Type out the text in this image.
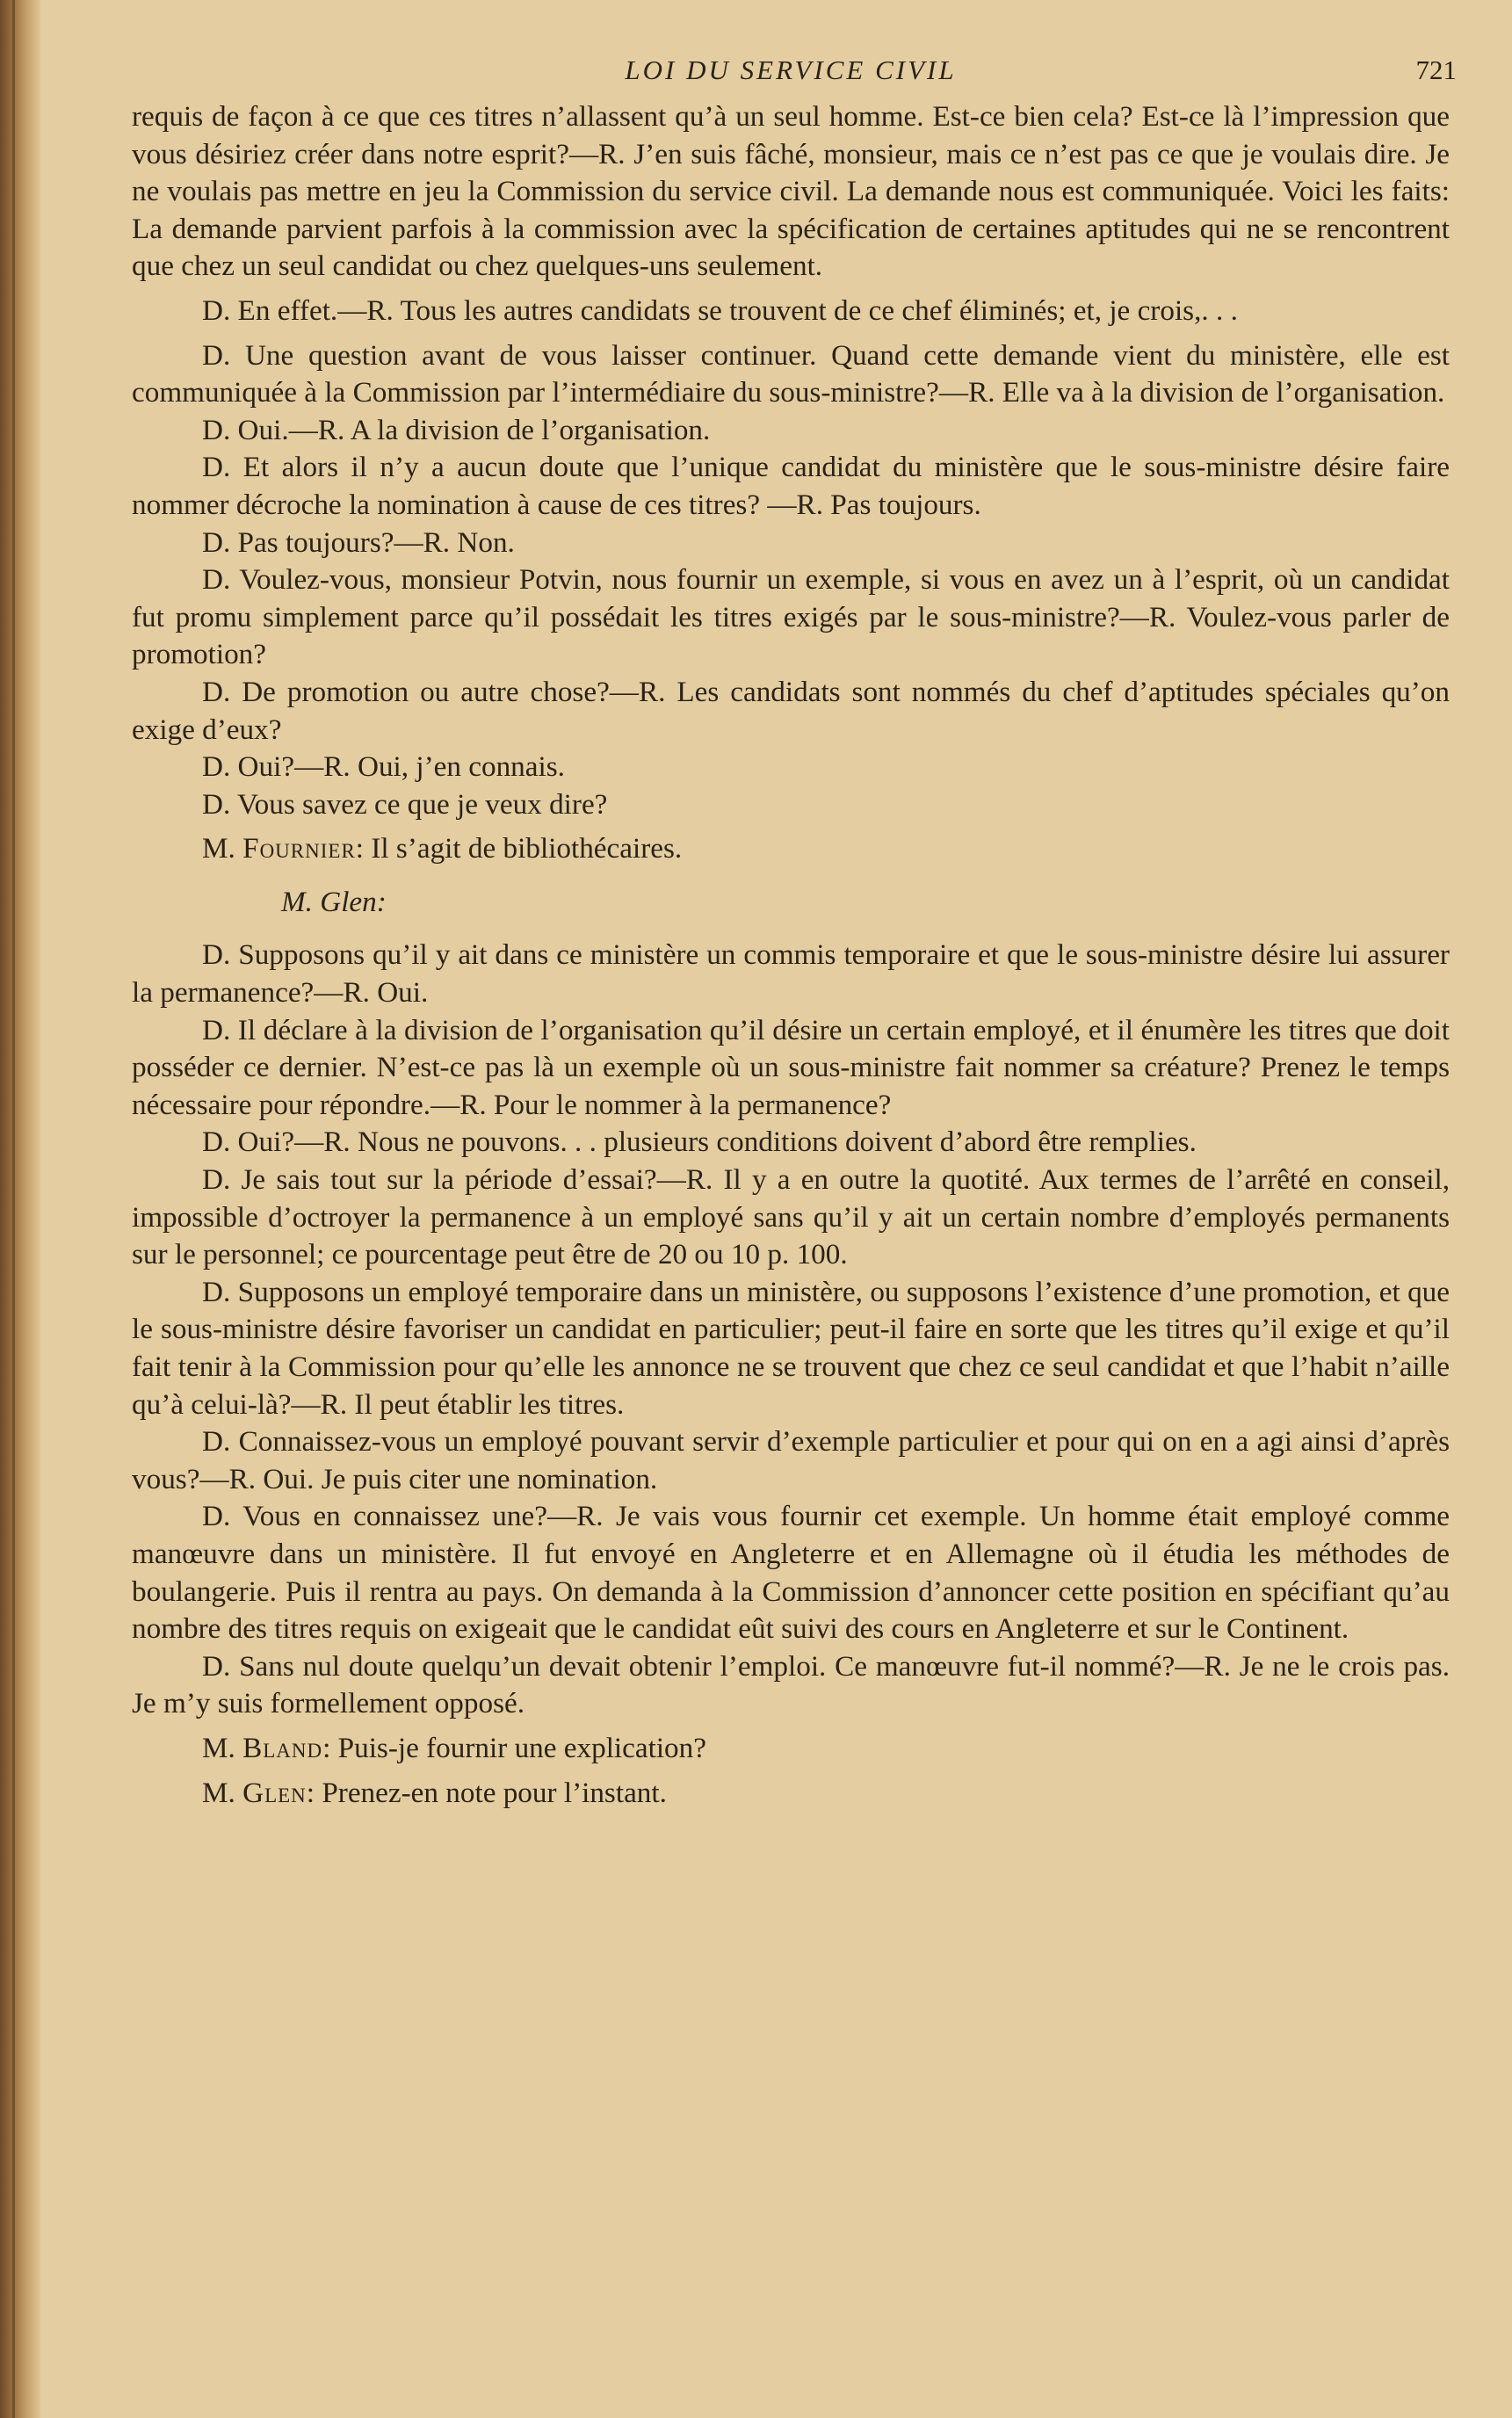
LOI DU SERVICE CIVIL	721

requis de façon à ce que ces titres n’allassent qu’à un seul homme. Est-ce bien cela? Est-ce là l’impression que vous désiriez créer dans notre esprit?—R. J’en suis fâché, monsieur, mais ce n’est pas ce que je voulais dire. Je ne voulais pas mettre en jeu la Commission du service civil. La demande nous est communiquée. Voici les faits: La demande parvient parfois à la commission avec la spécification de certaines aptitudes qui ne se rencontrent que chez un seul candidat ou chez quelques-uns seulement.

D. En effet.—R. Tous les autres candidats se trouvent de ce chef éliminés; et, je crois,. . .

D. Une question avant de vous laisser continuer. Quand cette demande vient du ministère, elle est communiquée à la Commission par l’intermédiaire du sous-ministre?—R. Elle va à la division de l’organisation.

D. Oui.—R. A la division de l’organisation.

D. Et alors il n’y a aucun doute que l’unique candidat du ministère que le sous-ministre désire faire nommer décroche la nomination à cause de ces titres? —R. Pas toujours.

D. Pas toujours?—R. Non.

D. Voulez-vous, monsieur Potvin, nous fournir un exemple, si vous en avez un à l’esprit, où un candidat fut promu simplement parce qu’il possédait les titres exigés par le sous-ministre?—R. Voulez-vous parler de promotion?

D. De promotion ou autre chose?—R. Les candidats sont nommés du chef d’aptitudes spéciales qu’on exige d’eux?

D. Oui?—R. Oui, j’en connais.

D. Vous savez ce que je veux dire?

M. Fournier: Il s’agit de bibliothécaires.

M. Glen:

D. Supposons qu’il y ait dans ce ministère un commis temporaire et que le sous-ministre désire lui assurer la permanence?—R. Oui.

D. Il déclare à la division de l’organisation qu’il désire un certain employé, et il énumère les titres que doit posséder ce dernier. N’est-ce pas là un exemple où un sous-ministre fait nommer sa créature? Prenez le temps nécessaire pour répondre.—R. Pour le nommer à la permanence?

D. Oui?—R. Nous ne pouvons. . . plusieurs conditions doivent d’abord être remplies.

D. Je sais tout sur la période d’essai?—R. Il y a en outre la quotité. Aux termes de l’arrêté en conseil, impossible d’octroyer la permanence à un employé sans qu’il y ait un certain nombre d’employés permanents sur le personnel; ce pourcentage peut être de 20 ou 10 p. 100.

D. Supposons un employé temporaire dans un ministère, ou supposons l’existence d’une promotion, et que le sous-ministre désire favoriser un candidat en particulier; peut-il faire en sorte que les titres qu’il exige et qu’il fait tenir à la Commission pour qu’elle les annonce ne se trouvent que chez ce seul candidat et que l’habit n’aille qu’à celui-là?—R. Il peut établir les titres.

D. Connaissez-vous un employé pouvant servir d’exemple particulier et pour qui on en a agi ainsi d’après vous?—R. Oui. Je puis citer une nomination.

D. Vous en connaissez une?—R. Je vais vous fournir cet exemple. Un homme était employé comme manœuvre dans un ministère. Il fut envoyé en Angleterre et en Allemagne où il étudia les méthodes de boulangerie. Puis il rentra au pays. On demanda à la Commission d’annoncer cette position en spécifiant qu’au nombre des titres requis on exigeait que le candidat eût suivi des cours en Angleterre et sur le Continent.

D. Sans nul doute quelqu’un devait obtenir l’emploi. Ce manœuvre fut-il nommé?—R. Je ne le crois pas. Je m’y suis formellement opposé.

M. Bland: Puis-je fournir une explication?

M. Glen: Prenez-en note pour l’instant.
